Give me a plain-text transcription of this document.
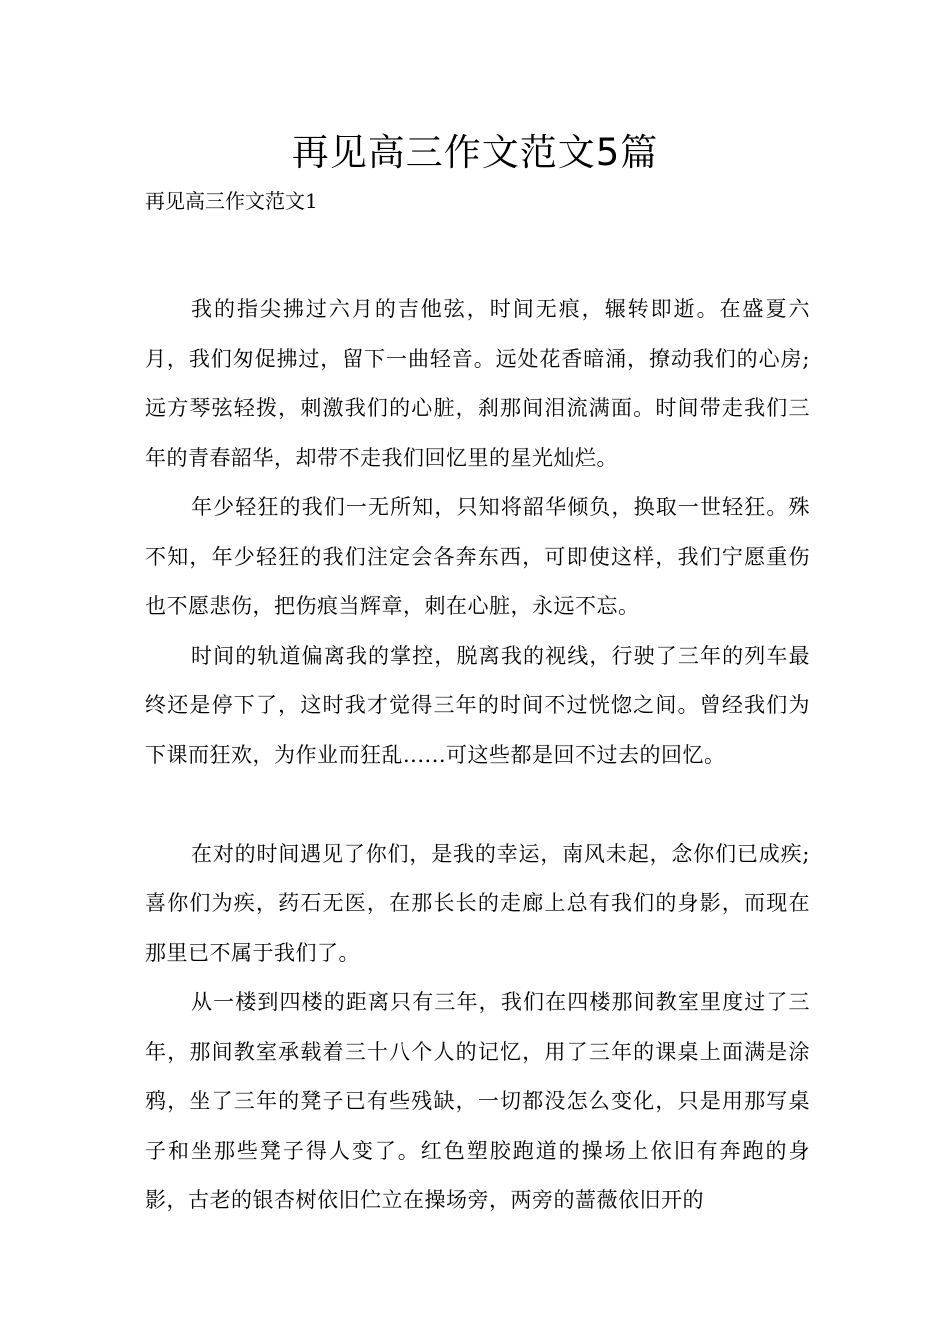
再见高三作文范文5篇

再见高三作文范文1

我的指尖拂过六月的吉他弦，时间无痕，辗转即逝。在盛夏六月，我们匆促拂过，留下一曲轻音。远处花香暗涌，撩动我们的心房;远方琴弦轻拨，刺激我们的心脏，刹那间泪流满面。时间带走我们三年的青春韶华，却带不走我们回忆里的星光灿烂。

年少轻狂的我们一无所知，只知将韶华倾负，换取一世轻狂。殊不知，年少轻狂的我们注定会各奔东西，可即使这样，我们宁愿重伤也不愿悲伤，把伤痕当辉章，刺在心脏，永远不忘。

时间的轨道偏离我的掌控，脱离我的视线，行驶了三年的列车最终还是停下了，这时我才觉得三年的时间不过恍惚之间。曾经我们为下课而狂欢，为作业而狂乱......可这些都是回不过去的回忆。

在对的时间遇见了你们，是我的幸运，南风未起，念你们已成疾;喜你们为疾，药石无医，在那长长的走廊上总有我们的身影，而现在那里已不属于我们了。

从一楼到四楼的距离只有三年，我们在四楼那间教室里度过了三年，那间教室承载着三十八个人的记忆，用了三年的课桌上面满是涂鸦，坐了三年的凳子已有些残缺，一切都没怎么变化，只是用那写桌子和坐那些凳子得人变了。红色塑胶跑道的操场上依旧有奔跑的身影，古老的银杏树依旧伫立在操场旁，两旁的蔷薇依旧开的
